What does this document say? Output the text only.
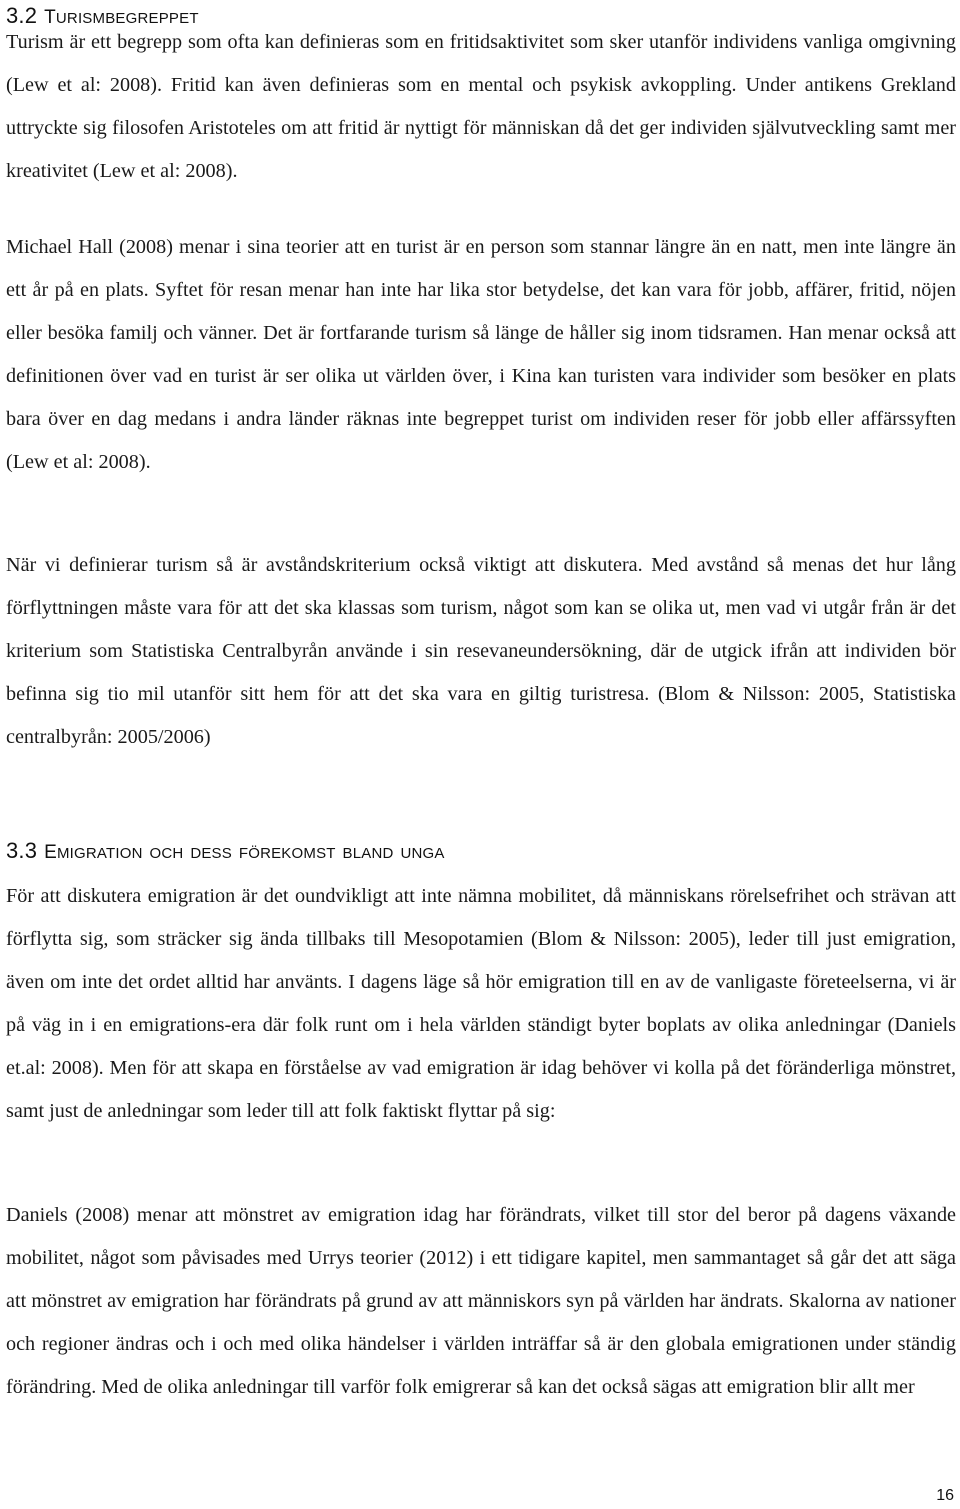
3.2 TURISMBEGREPPET

Turism är ett begrepp som ofta kan definieras som en fritidsaktivitet som sker utanför individens vanliga omgivning (Lew et al: 2008). Fritid kan även definieras som en mental och psykisk avkoppling. Under antikens Grekland uttryckte sig filosofen Aristoteles om att fritid är nyttigt för människan då det ger individen självutveckling samt mer kreativitet (Lew et al: 2008).

Michael Hall (2008) menar i sina teorier att en turist är en person som stannar längre än en natt, men inte längre än ett år på en plats. Syftet för resan menar han inte har lika stor betydelse, det kan vara för jobb, affärer, fritid, nöjen eller besöka familj och vänner. Det är fortfarande turism så länge de håller sig inom tidsramen. Han menar också att definitionen över vad en turist är ser olika ut världen över, i Kina kan turisten vara individer som besöker en plats bara över en dag medans i andra länder räknas inte begreppet turist om individen reser för jobb eller affärssyften (Lew et al: 2008).

När vi definierar turism så är avståndskriterium också viktigt att diskutera. Med avstånd så menas det hur lång förflyttningen måste vara för att det ska klassas som turism, något som kan se olika ut, men vad vi utgår från är det kriterium som Statistiska Centralbyrån använde i sin resevaneundersökning, där de utgick ifrån att individen bör befinna sig tio mil utanför sitt hem för att det ska vara en giltig turistresa. (Blom & Nilsson: 2005, Statistiska centralbyrån: 2005/2006)

3.3 EMIGRATION OCH DESS FÖREKOMST BLAND UNGA

För att diskutera emigration är det oundvikligt att inte nämna mobilitet, då människans rörelsefrihet och strävan att förflytta sig, som sträcker sig ända tillbaks till Mesopotamien (Blom & Nilsson: 2005), leder till just emigration, även om inte det ordet alltid har använts. I dagens läge så hör emigration till en av de vanligaste företeelserna, vi är på väg in i en emigrations-era där folk runt om i hela världen ständigt byter boplats av olika anledningar (Daniels et.al: 2008). Men för att skapa en förståelse av vad emigration är idag behöver vi kolla på det föränderliga mönstret, samt just de anledningar som leder till att folk faktiskt flyttar på sig:

Daniels (2008) menar att mönstret av emigration idag har förändrats, vilket till stor del beror på dagens växande mobilitet, något som påvisades med Urrys teorier (2012) i ett tidigare kapitel, men sammantaget så går det att säga att mönstret av emigration har förändrats på grund av att människors syn på världen har ändrats. Skalorna av nationer och regioner ändras och i och med olika händelser i världen inträffar så är den globala emigrationen under ständig förändring. Med de olika anledningar till varför folk emigrerar så kan det också sägas att emigration blir allt mer

16
